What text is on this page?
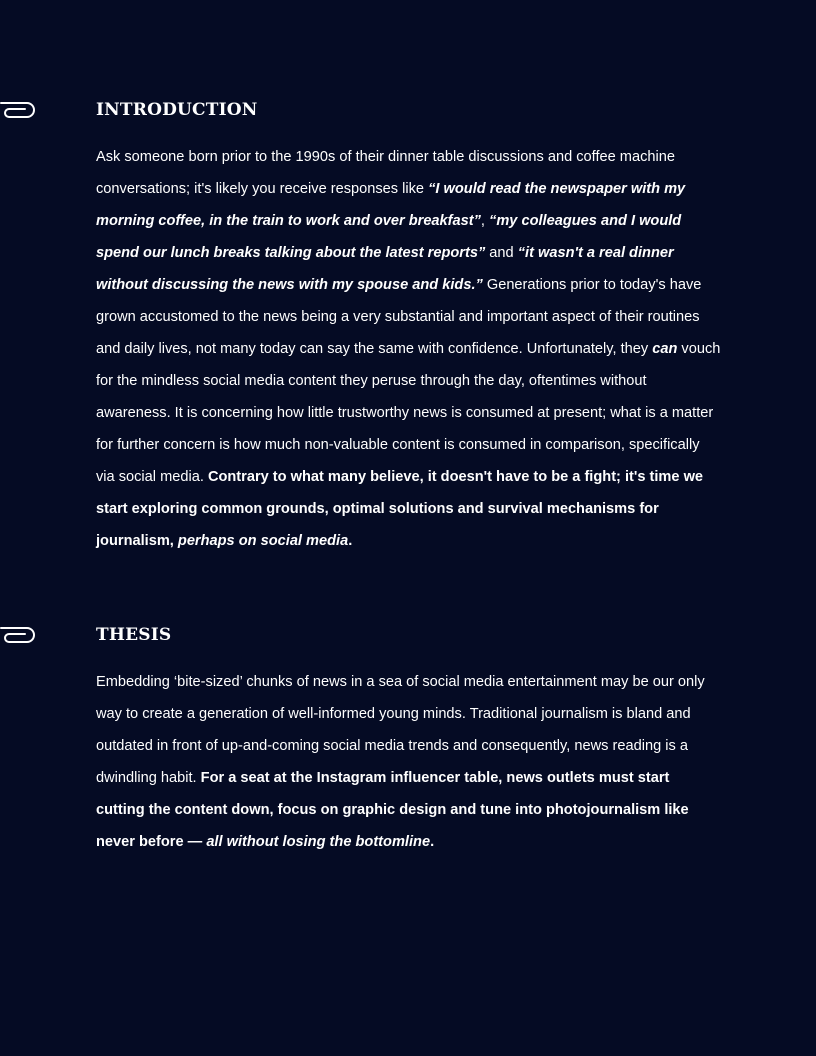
INTRODUCTION

Ask someone born prior to the 1990s of their dinner table discussions and coffee machine conversations; it's likely you receive responses like “I would read the newspaper with my morning coffee, in the train to work and over breakfast”, “my colleagues and I would spend our lunch breaks talking about the latest reports” and “it wasn't a real dinner without discussing the news with my spouse and kids.” Generations prior to today's have grown accustomed to the news being a very substantial and important aspect of their routines and daily lives, not many today can say the same with confidence. Unfortunately, they can vouch for the mindless social media content they peruse through the day, oftentimes without awareness. It is concerning how little trustworthy news is consumed at present; what is a matter for further concern is how much non-valuable content is consumed in comparison, specifically via social media. Contrary to what many believe, it doesn't have to be a fight; it's time we start exploring common grounds, optimal solutions and survival mechanisms for journalism, perhaps on social media.

THESIS

Embedding ‘bite-sized’ chunks of news in a sea of social media entertainment may be our only way to create a generation of well-informed young minds. Traditional journalism is bland and outdated in front of up-and-coming social media trends and consequently, news reading is a dwindling habit. For a seat at the Instagram influencer table, news outlets must start cutting the content down, focus on graphic design and tune into photojournalism like never before — all without losing the bottomline.
